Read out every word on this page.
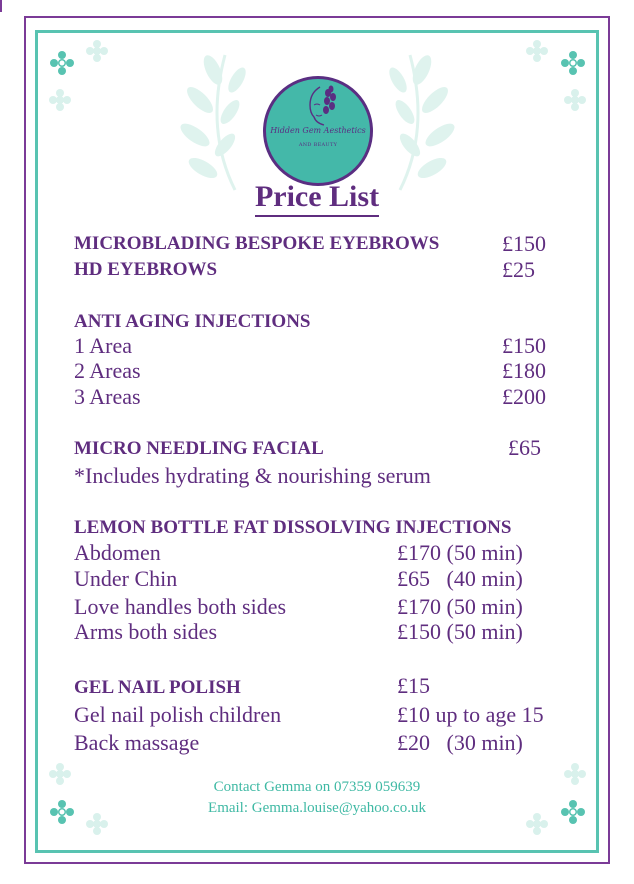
Hidden Gem Aesthetics
AND BEAUTY
Price List
MICROBLADING BESPOKE EYEBROWS	£150
HD EYEBROWS	£25
ANTI AGING INJECTIONS
1 Area	£150
2 Areas	£180
3 Areas	£200
MICRO NEEDLING FACIAL	£65
*Includes hydrating & nourishing serum
LEMON BOTTLE FAT DISSOLVING INJECTIONS
Abdomen	£170 (50 min)
Under Chin	£65   (40 min)
Love handles both sides	£170 (50 min)
Arms both sides	£150 (50 min)
GEL NAIL POLISH	£15
Gel nail polish children	£10 up to age 15
Back massage	£20   (30 min)
Contact Gemma on 07359 059639
Email: Gemma.louise@yahoo.co.uk
